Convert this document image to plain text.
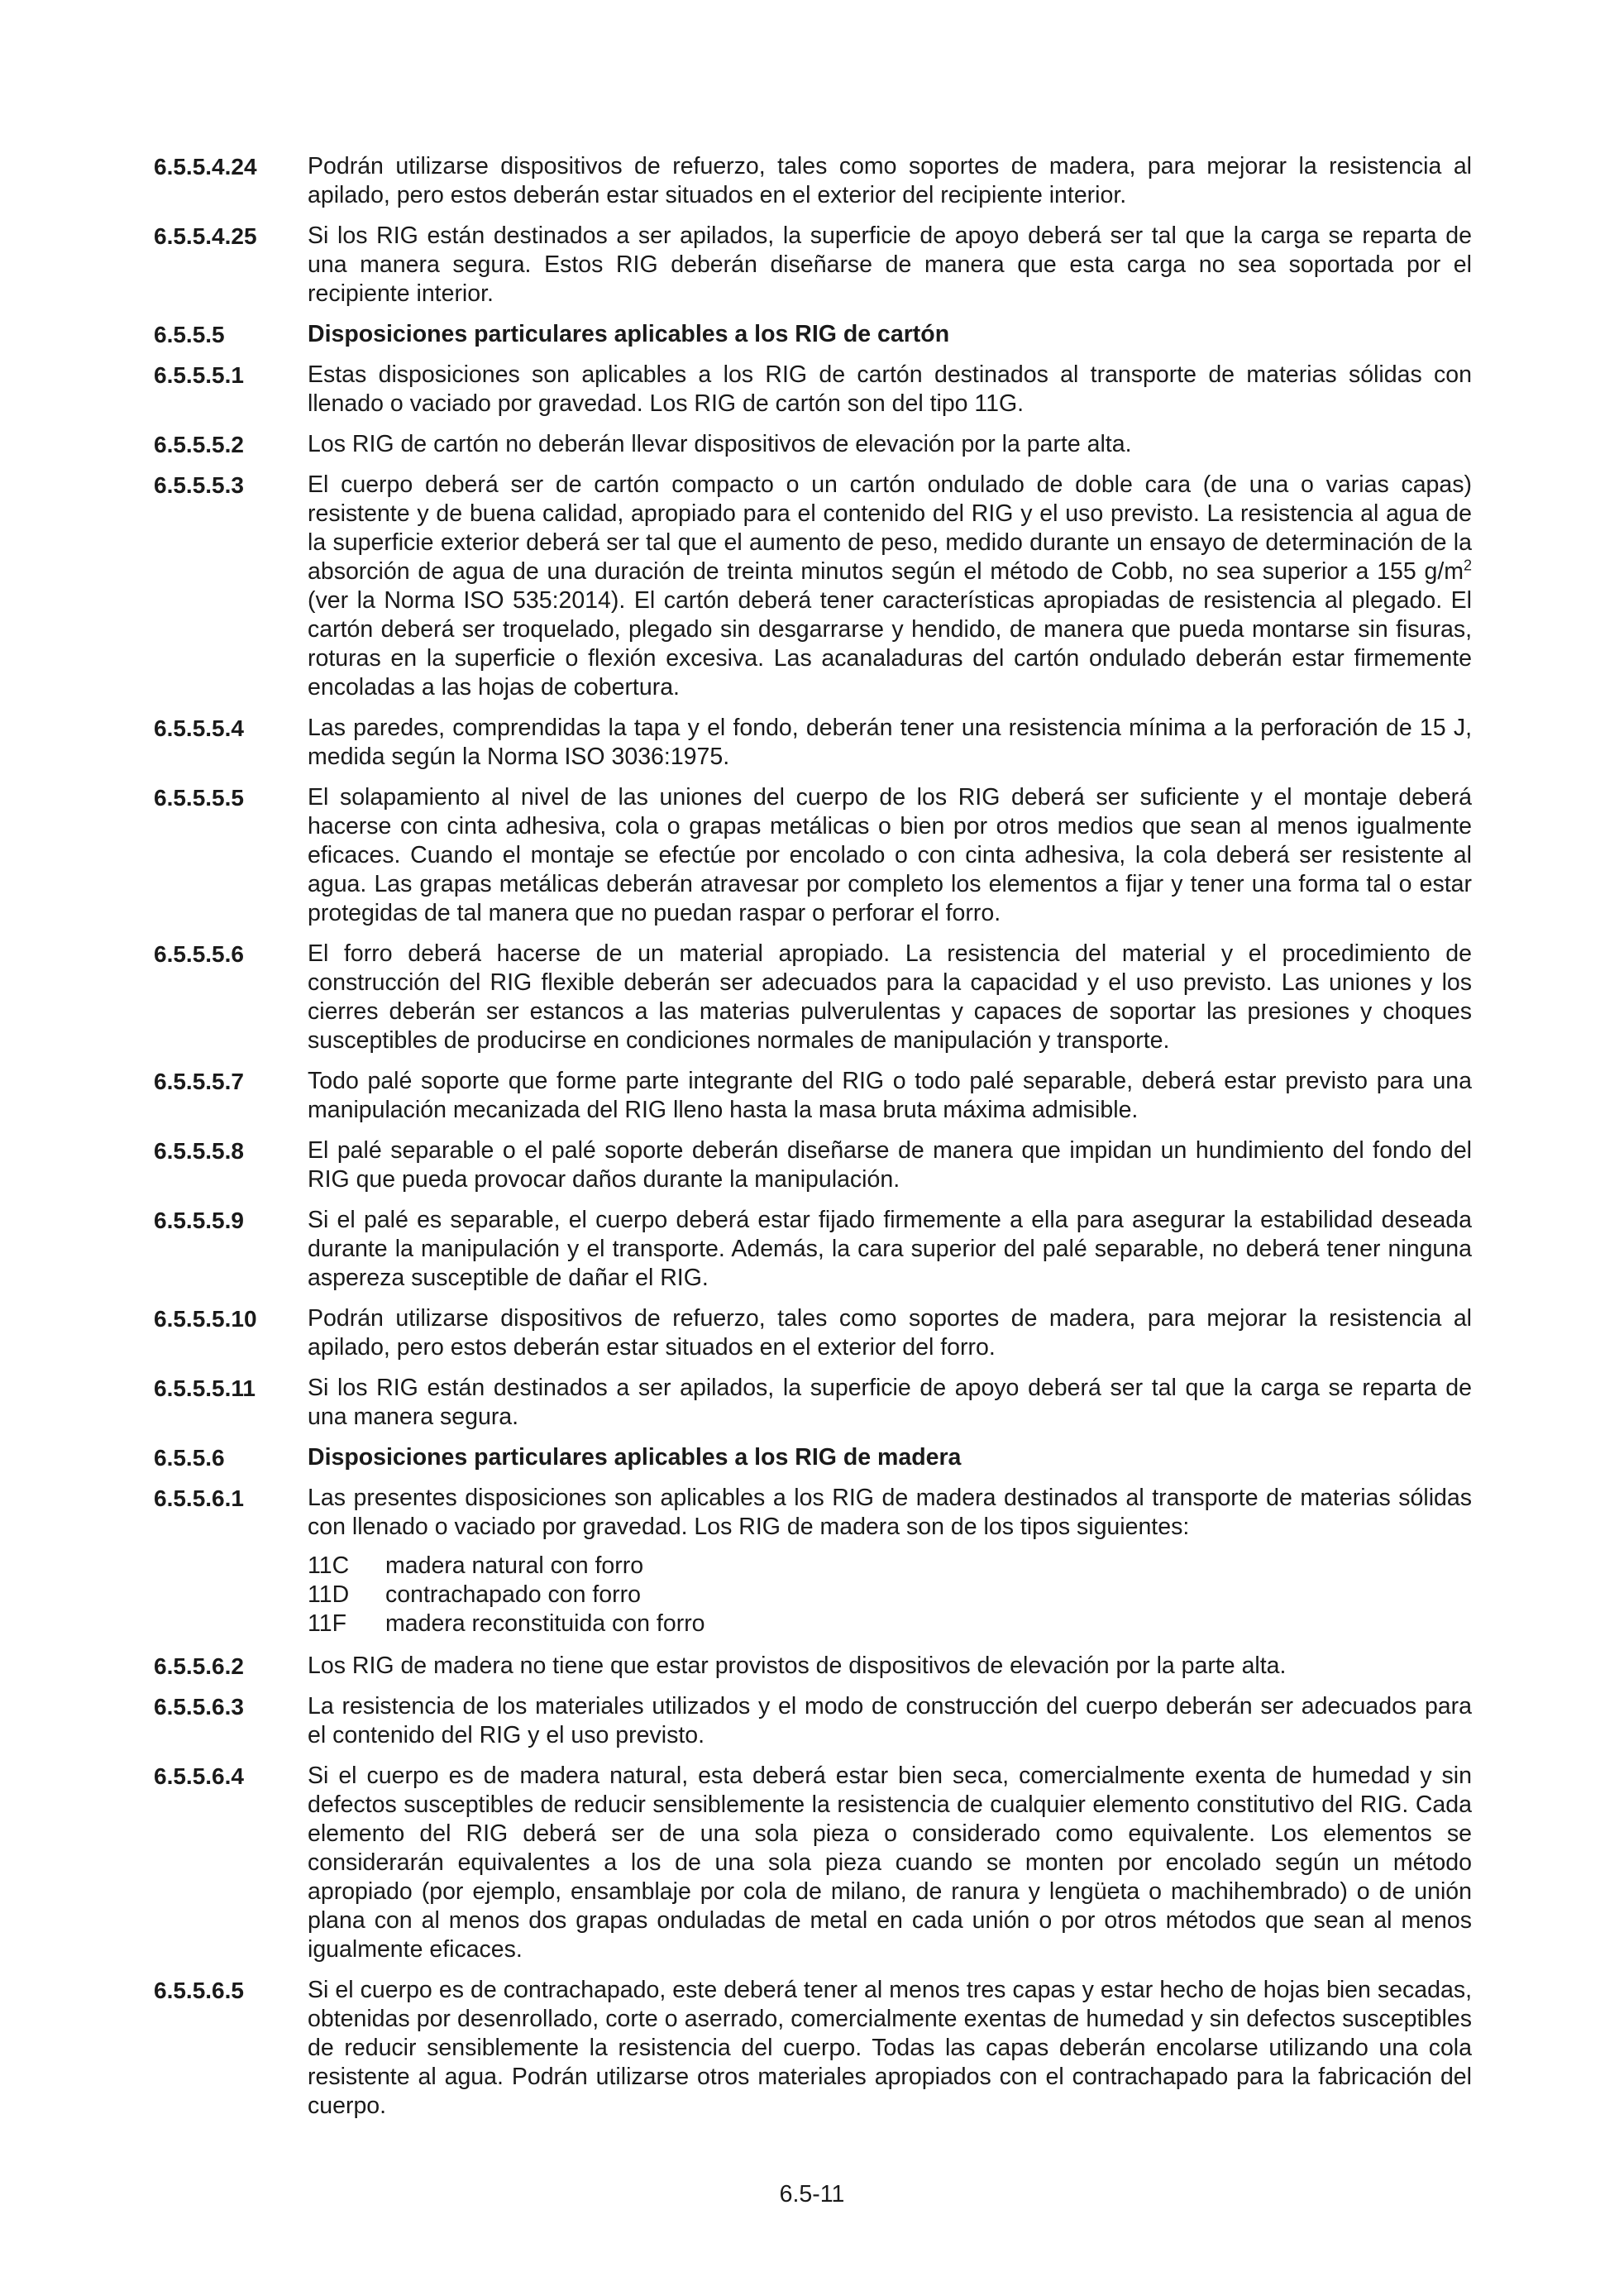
6.5.5.4.24	Podrán utilizarse dispositivos de refuerzo, tales como soportes de madera, para mejorar la resistencia al apilado, pero estos deberán estar situados en el exterior del recipiente interior.
6.5.5.4.25	Si los RIG están destinados a ser apilados, la superficie de apoyo deberá ser tal que la carga se reparta de una manera segura. Estos RIG deberán diseñarse de manera que esta carga no sea soportada por el recipiente interior.
6.5.5.5	Disposiciones particulares aplicables a los RIG de cartón
6.5.5.5.1	Estas disposiciones son aplicables a los RIG de cartón destinados al transporte de materias sólidas con llenado o vaciado por gravedad. Los RIG de cartón son del tipo 11G.
6.5.5.5.2	Los RIG de cartón no deberán llevar dispositivos de elevación por la parte alta.
6.5.5.5.3	El cuerpo deberá ser de cartón compacto o un cartón ondulado de doble cara (de una o varias capas) resistente y de buena calidad, apropiado para el contenido del RIG y el uso previsto. La resistencia al agua de la superficie exterior deberá ser tal que el aumento de peso, medido durante un ensayo de determinación de la absorción de agua de una duración de treinta minutos según el método de Cobb, no sea superior a 155 $g/m^2$ (ver la Norma ISO 535:2014). El cartón deberá tener características apropiadas de resistencia al plegado. El cartón deberá ser troquelado, plegado sin desgarrarse y hendido, de manera que pueda montarse sin fisuras, roturas en la superficie o flexión excesiva. Las acanaladuras del cartón ondulado deberán estar firmemente encoladas a las hojas de cobertura.
6.5.5.5.4	Las paredes, comprendidas la tapa y el fondo, deberán tener una resistencia mínima a la perforación de 15 J, medida según la Norma ISO 3036:1975.
6.5.5.5.5	El solapamiento al nivel de las uniones del cuerpo de los RIG deberá ser suficiente y el montaje deberá hacerse con cinta adhesiva, cola o grapas metálicas o bien por otros medios que sean al menos igualmente eficaces. Cuando el montaje se efectúe por encolado o con cinta adhesiva, la cola deberá ser resistente al agua. Las grapas metálicas deberán atravesar por completo los elementos a fijar y tener una forma tal o estar protegidas de tal manera que no puedan raspar o perforar el forro.
6.5.5.5.6	El forro deberá hacerse de un material apropiado. La resistencia del material y el procedimiento de construcción del RIG flexible deberán ser adecuados para la capacidad y el uso previsto. Las uniones y los cierres deberán ser estancos a las materias pulverulentas y capaces de soportar las presiones y choques susceptibles de producirse en condiciones normales de manipulación y transporte.
6.5.5.5.7	Todo palé soporte que forme parte integrante del RIG o todo palé separable, deberá estar previsto para una manipulación mecanizada del RIG lleno hasta la masa bruta máxima admisible.
6.5.5.5.8	El palé separable o el palé soporte deberán diseñarse de manera que impidan un hundimiento del fondo del RIG que pueda provocar daños durante la manipulación.
6.5.5.5.9	Si el palé es separable, el cuerpo deberá estar fijado firmemente a ella para asegurar la estabilidad deseada durante la manipulación y el transporte. Además, la cara superior del palé separable, no deberá tener ninguna aspereza susceptible de dañar el RIG.
6.5.5.5.10	Podrán utilizarse dispositivos de refuerzo, tales como soportes de madera, para mejorar la resistencia al apilado, pero estos deberán estar situados en el exterior del forro.
6.5.5.5.11	Si los RIG están destinados a ser apilados, la superficie de apoyo deberá ser tal que la carga se reparta de una manera segura.
6.5.5.6	Disposiciones particulares aplicables a los RIG de madera
6.5.5.6.1	Las presentes disposiciones son aplicables a los RIG de madera destinados al transporte de materias sólidas con llenado o vaciado por gravedad. Los RIG de madera son de los tipos siguientes:
11C	madera natural con forro
11D	contrachapado con forro
11F	madera reconstituida con forro
6.5.5.6.2	Los RIG de madera no tiene que estar provistos de dispositivos de elevación por la parte alta.
6.5.5.6.3	La resistencia de los materiales utilizados y el modo de construcción del cuerpo deberán ser adecuados para el contenido del RIG y el uso previsto.
6.5.5.6.4	Si el cuerpo es de madera natural, esta deberá estar bien seca, comercialmente exenta de humedad y sin defectos susceptibles de reducir sensiblemente la resistencia de cualquier elemento constitutivo del RIG. Cada elemento del RIG deberá ser de una sola pieza o considerado como equivalente. Los elementos se considerarán equivalentes a los de una sola pieza cuando se monten por encolado según un método apropiado (por ejemplo, ensamblaje por cola de milano, de ranura y lengüeta o machihembrado) o de unión plana con al menos dos grapas onduladas de metal en cada unión o por otros métodos que sean al menos igualmente eficaces.
6.5.5.6.5	Si el cuerpo es de contrachapado, este deberá tener al menos tres capas y estar hecho de hojas bien secadas, obtenidas por desenrollado, corte o aserrado, comercialmente exentas de humedad y sin defectos susceptibles de reducir sensiblemente la resistencia del cuerpo. Todas las capas deberán encolarse utilizando una cola resistente al agua. Podrán utilizarse otros materiales apropiados con el contrachapado para la fabricación del cuerpo.
6.5-11
